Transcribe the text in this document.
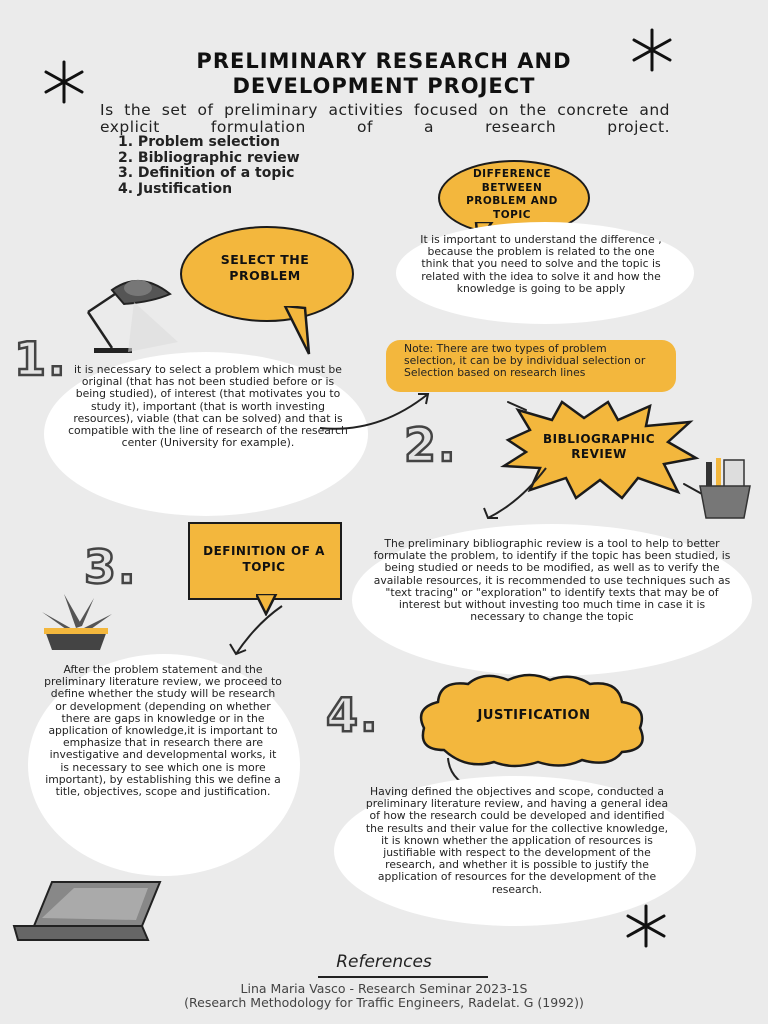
PRELIMINARY RESEARCH AND
DEVELOPMENT PROJECT
Is the set of preliminary activities focused on the concrete and explicit formulation of a research project.
1. Problem selection
2. Bibliographic review
3. Definition of a topic
4. Justification
DIFFERENCE BETWEEN PROBLEM AND TOPIC
It is important to understand the difference , because the problem is related to the one think that you need to solve and the topic is related with the idea to solve it and how the knowledge is going to be apply
SELECT THE PROBLEM
1. it is necessary to select a problem which must be original (that has not been studied before or is being studied), of interest (that motivates you to study it), important (that is worth investing resources), viable (that can be solved) and that is compatible with the line of research of the research center (University for example).
Note: There are two types of problem selection, it can be by individual selection or Selection based on research lines
2.	BIBLIOGRAPHIC REVIEW
The preliminary bibliographic review is a tool to help to better formulate the problem, to identify if the topic has been studied, is being studied or needs to be modified, as well as to verify the available resources, it is recommended to use techniques such as "text tracing" or "exploration" to identify texts that may be of interest but without investing too much time in case it is necessary to change the topic
3.	DEFINITION OF A TOPIC
After the problem statement and the preliminary literature review, we proceed to define whether the study will be research or development (depending on whether there are gaps in knowledge or in the application of knowledge,it is important to emphasize that in research there are investigative and developmental works, it is necessary to see which one is more important), by establishing this we define a title, objectives, scope and justification.
4.	JUSTIFICATION
Having defined the objectives and scope, conducted a preliminary literature review, and having a general idea of how the research could be developed and identified the results and their value for the collective knowledge, it is known whether the application of resources is justifiable with respect to the development of the research, and whether it is possible to justify the application of resources for the development of the research.
References
Lina Maria Vasco - Research Seminar 2023-1S
(Research Methodology for Traffic Engineers, Radelat. G (1992))
